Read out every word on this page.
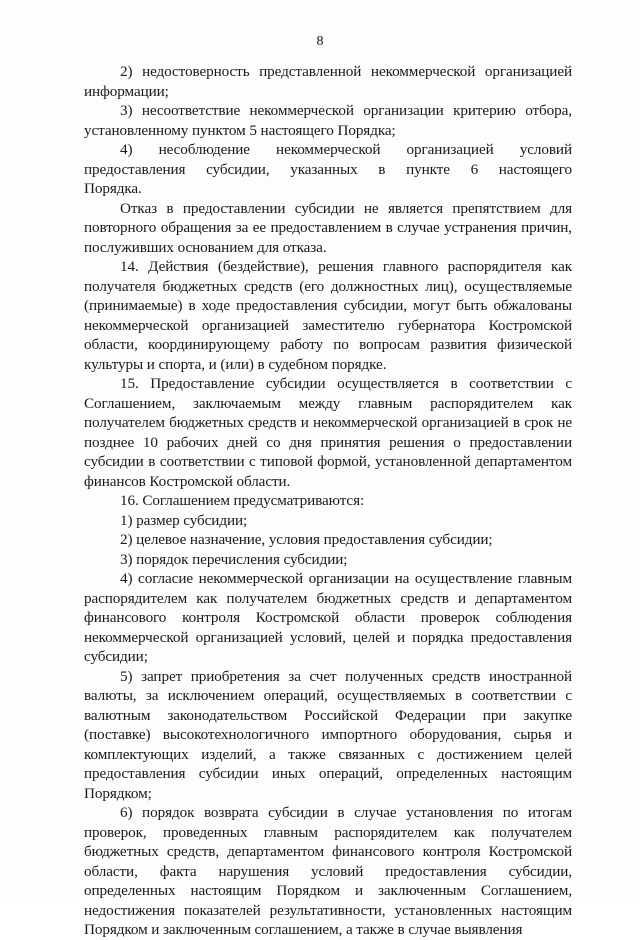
8

2) недостоверность представленной некоммерческой организацией информации;

3) несоответствие некоммерческой организации критерию отбора, установленному пунктом 5 настоящего Порядка;

4) несоблюдение некоммерческой организацией условий предоставления субсидии, указанных в пункте 6 настоящего Порядка.

Отказ в предоставлении субсидии не является препятствием для повторного обращения за ее предоставлением в случае устранения причин, послуживших основанием для отказа.

14. Действия (бездействие), решения главного распорядителя как получателя бюджетных средств (его должностных лиц), осуществляемые (принимаемые) в ходе предоставления субсидии, могут быть обжалованы некоммерческой организацией заместителю губернатора Костромской области, координирующему работу по вопросам развития физической культуры и спорта, и (или) в судебном порядке.

15. Предоставление субсидии осуществляется в соответствии с Соглашением, заключаемым между главным распорядителем как получателем бюджетных средств и некоммерческой организацией в срок не позднее 10 рабочих дней со дня принятия решения о предоставлении субсидии в соответствии с типовой формой, установленной департаментом финансов Костромской области.

16. Соглашением предусматриваются:

1) размер субсидии;

2) целевое назначение, условия предоставления субсидии;

3) порядок перечисления субсидии;

4) согласие некоммерческой организации на осуществление главным распорядителем как получателем бюджетных средств и департаментом финансового контроля Костромской области проверок соблюдения некоммерческой организацией условий, целей и порядка предоставления субсидии;

5) запрет приобретения за счет полученных средств иностранной валюты, за исключением операций, осуществляемых в соответствии с валютным законодательством Российской Федерации при закупке (поставке) высокотехнологичного импортного оборудования, сырья и комплектующих изделий, а также связанных с достижением целей предоставления субсидии иных операций, определенных настоящим Порядком;

6) порядок возврата субсидии в случае установления по итогам проверок, проведенных главным распорядителем как получателем бюджетных средств, департаментом финансового контроля Костромской области, факта нарушения условий предоставления субсидии, определенных настоящим Порядком и заключенным Соглашением, недостижения показателей результативности, установленных настоящим Порядком и заключенным соглашением, а также в случае выявления
